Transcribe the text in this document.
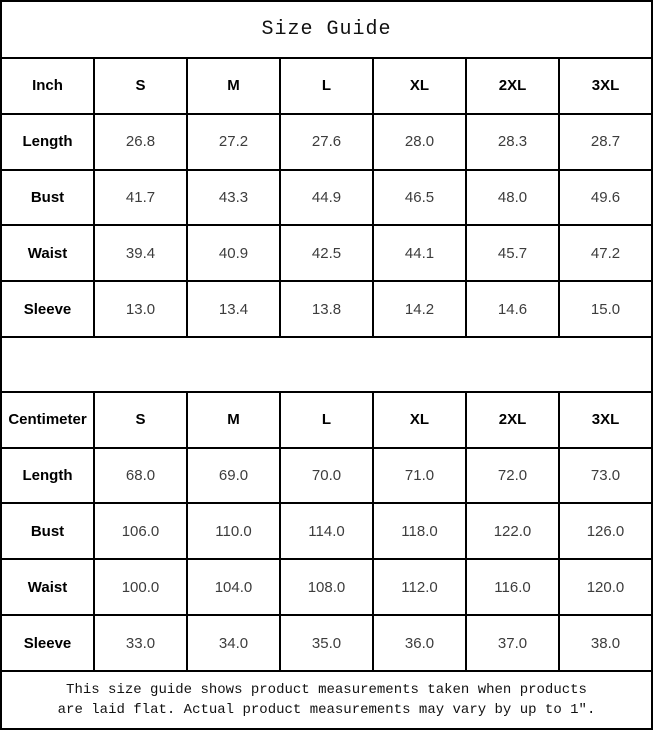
Size Guide						
Inch	S	M	L	XL	2XL	3XL
Length	26.8	27.2	27.6	28.0	28.3	28.7
Bust	41.7	43.3	44.9	46.5	48.0	49.6
Waist	39.4	40.9	42.5	44.1	45.7	47.2
Sleeve	13.0	13.4	13.8	14.2	14.6	15.0

Centimeter	S	M	L	XL	2XL	3XL
Length	68.0	69.0	70.0	71.0	72.0	73.0
Bust	106.0	110.0	114.0	118.0	122.0	126.0
Waist	100.0	104.0	108.0	112.0	116.0	120.0
Sleeve	33.0	34.0	35.0	36.0	37.0	38.0

This size guide shows product measurements taken when products
are laid flat. Actual product measurements may vary by up to 1″.						
